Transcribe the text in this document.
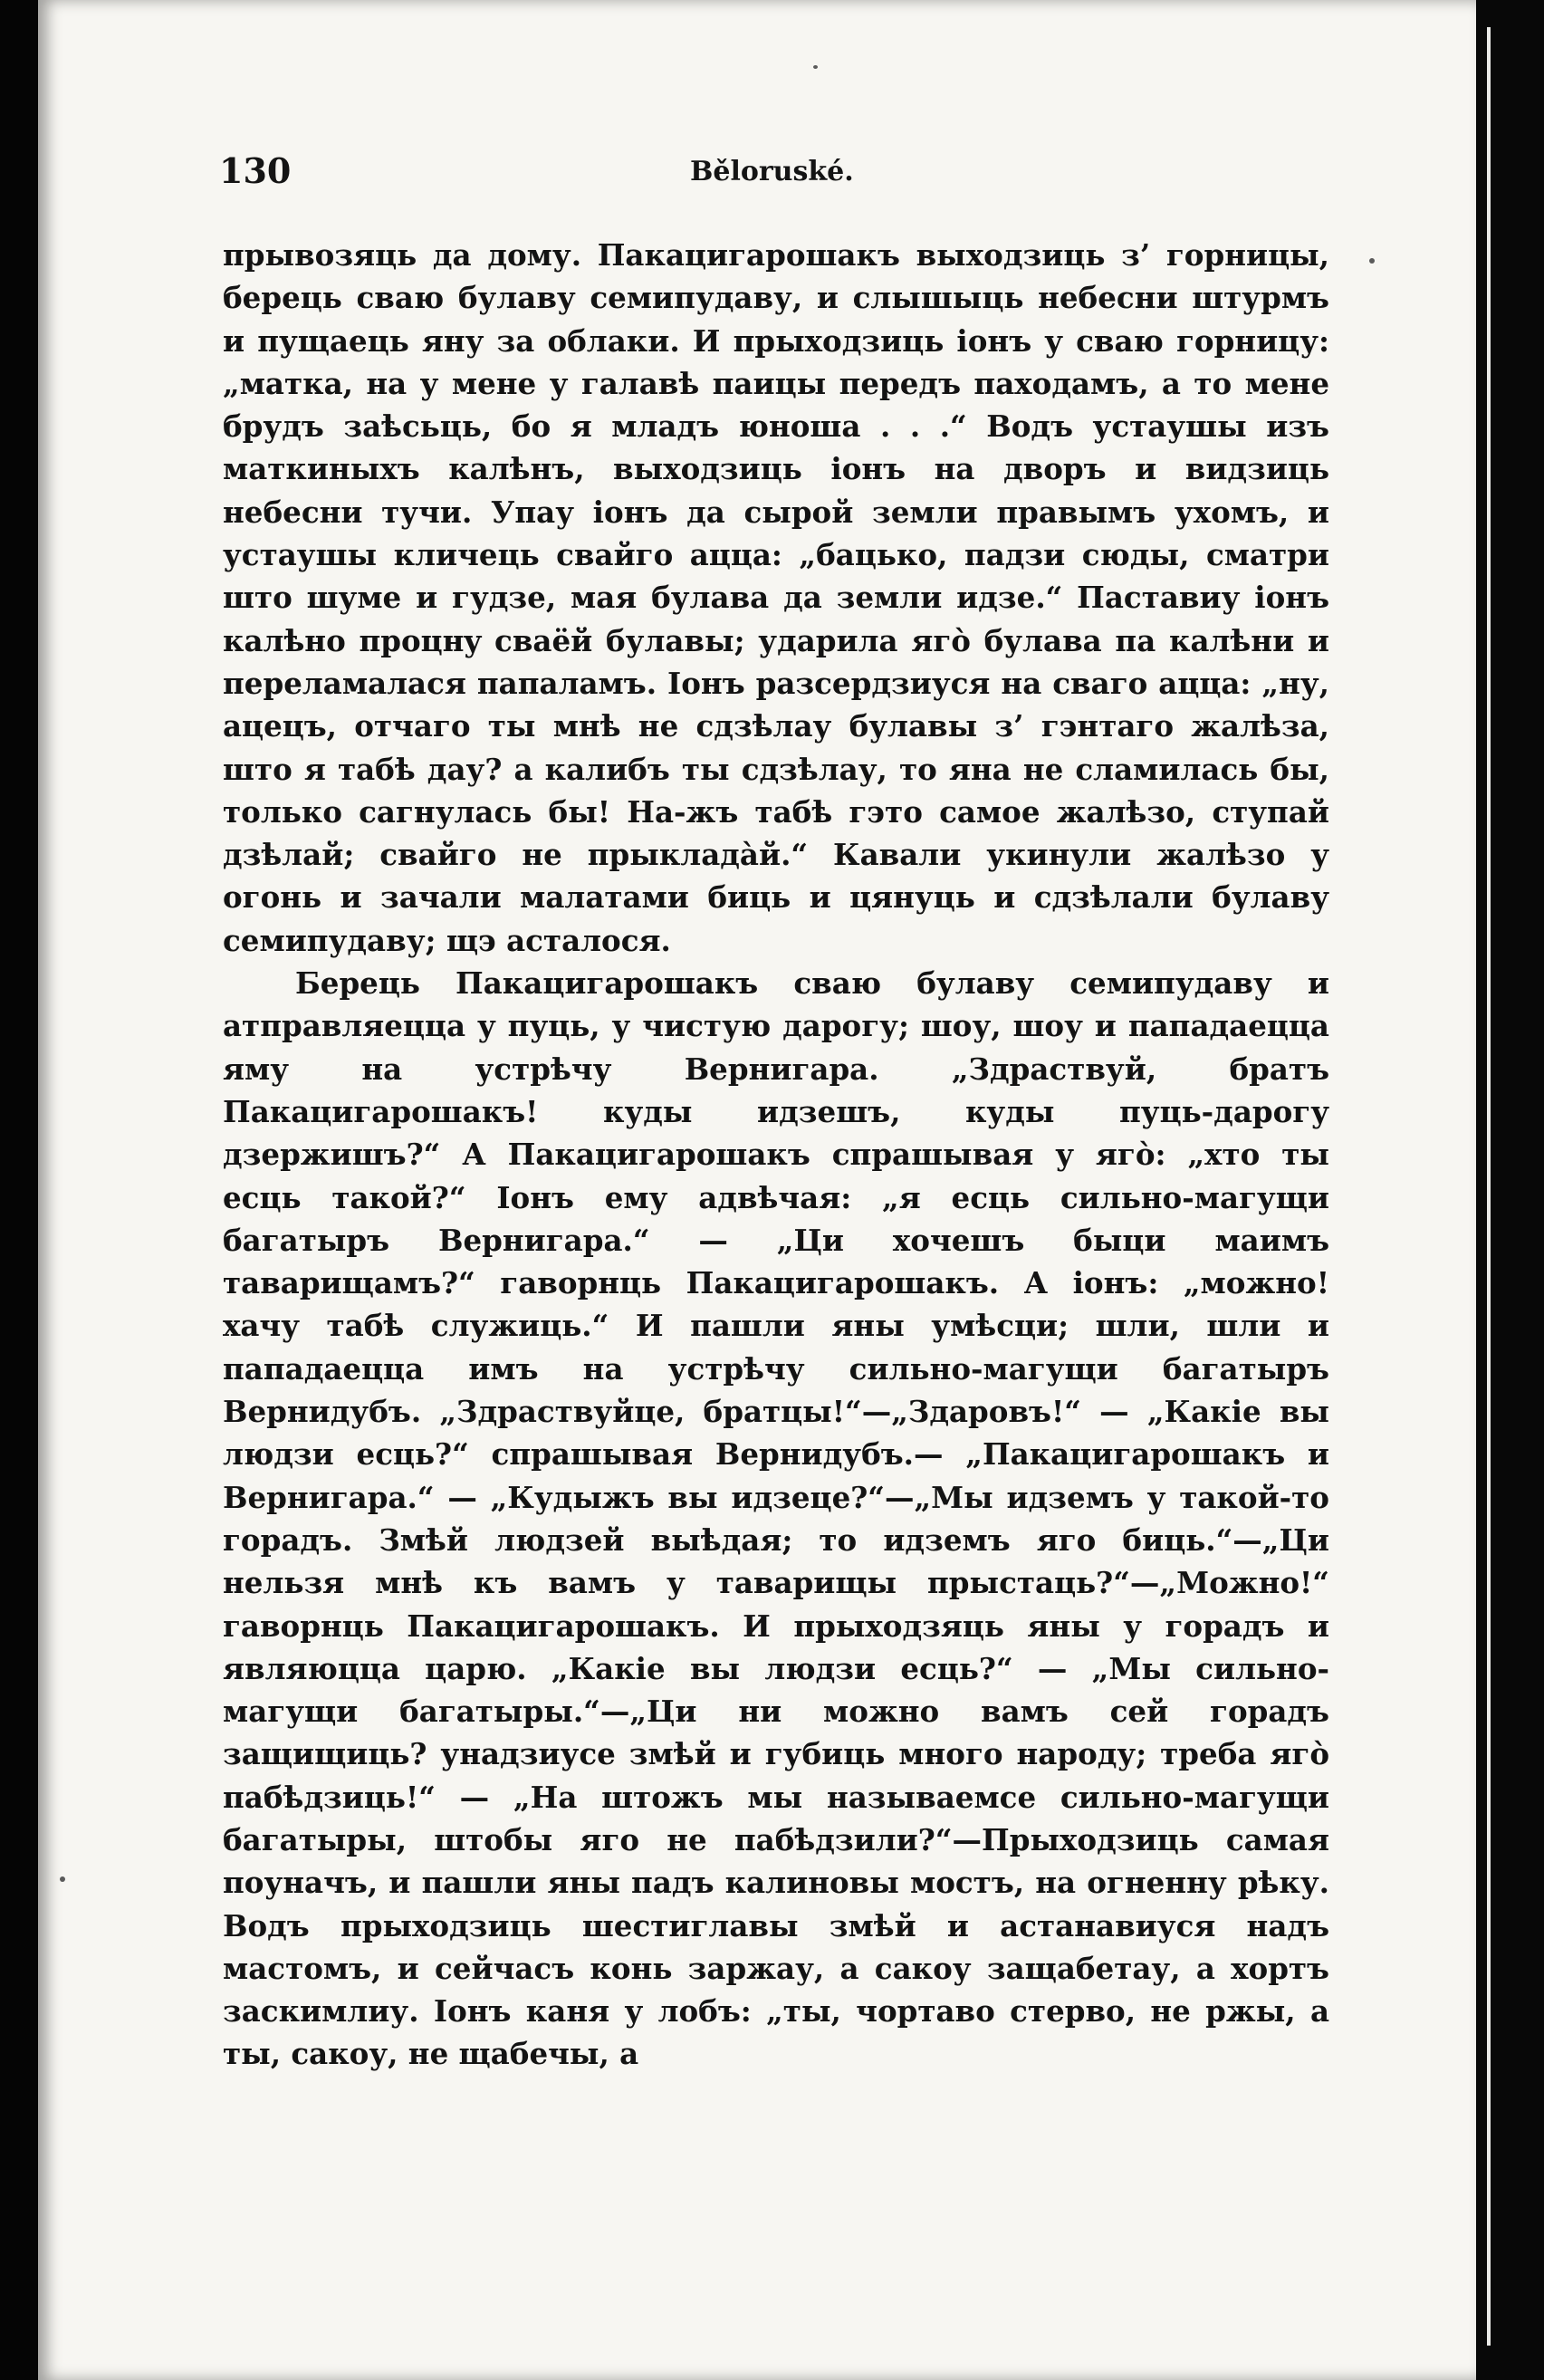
130	Běloruské.

прывозяць да дому. Пакацигарошакъ выходзиць з’ горницы, берець сваю булаву семипудаву, и слышыць небесни штурмъ и пущаець яну за облаки. И прыходзиць іонъ у сваю горницу: „матка, на у мене у галавѣ паицы передъ паходамъ, а то мене брудъ заѣсьць, бо я младъ юноша . . .“ Водъ устаушы изъ маткиныхъ калѣнъ, выходзиць іонъ на дворъ и видзиць небесни тучи. Упау іонъ да сырой земли правымъ ухомъ, и устаушы кличець свайго аццa: „бацько, падзи сюды, сматри што шуме и гудзе, мая булава да земли идзе.“ Паставиу іонъ калѣно процнy сваёй булавы; ударила ягò булава па калѣни и переламалася папаламъ. Іонъ разсердзиуся на сваго аццa: „ну, ацецъ, отчаго ты мнѣ не сдзѣлау булавы з’ гэнтаго жалѣза, што я табѣ дау? а калибъ ты сдзѣлау, то яна не сламилась бы, только сагнулась бы! На-жъ табѣ гэто самое жалѣзо, ступай дзѣлай; свайго не прыкладàй.“ Кавали укинули жалѣзо у огонь и зачали малатами биць и цянуць и сдзѣлали булаву семипудаву; щэ асталося.

Берець Пакацигарошакъ сваю булаву семипудаву и атправляецца у пуць, у чистую дарогу; шоу, шоу и пападаецца яму на устрѣчу Вернигара. „Здраствуй, братъ Пакацигарошакъ! куды идзешъ, куды пуць-дарогу дзержишъ?“ А Пакацигарошакъ спрашывая у ягò: „хто ты есць такой?“ Іонъ ему адвѣчая: „я есць сильно-магущи багатыръ Вернигара.“ — „Ци хочешъ быци маимъ таварищамъ?“ гаворнць Пакацигарошакъ. А іонъ: „можно! хачу табѣ служиць.“ И пашли яны умѣсци; шли, шли и пападаецца имъ на устрѣчу сильно-магущи багатыръ Вернидубъ. „Здраствуйце, братцы!“—„Здаровъ!“ — „Какіе вы людзи есць?“ спрашывая Вернидубъ.— „Пакацигарошакъ и Вернигара.“ — „Кудыжъ вы идзеце?“—„Мы идземъ у такой-то горадъ. Змѣй людзей выѣдая; то идземъ яго биць.“—„Ци нельзя мнѣ къ вамъ у таварищы прыстаць?“—„Можно!“ гаворнць Пакацигарошакъ. И прыходзяць яны у горадъ и являюцца царю. „Какіе вы людзи есць?“ — „Мы сильно-магущи багатыры.“—„Ци ни можно вамъ сей горадъ защищиць? унадзиусе змѣй и губиць много народу; треба ягò пабѣдзиць!“ — „На штожъ мы называемсе сильно-магущи багатыры, штобы яго не пабѣдзили?“—Прыходзиць самая поуначъ, и пашли яны падъ калиновы мостъ, на огненну рѣку. Водъ прыходзиць шестиглавы змѣй и астанавиуся надъ мастомъ, и сейчасъ конь заржау, а сакоу защабетау, а хортъ заскимлиу. Іонъ каня у лобъ: „ты, чортаво стерво, не ржы, а ты, сакоу, не щабечы, а
